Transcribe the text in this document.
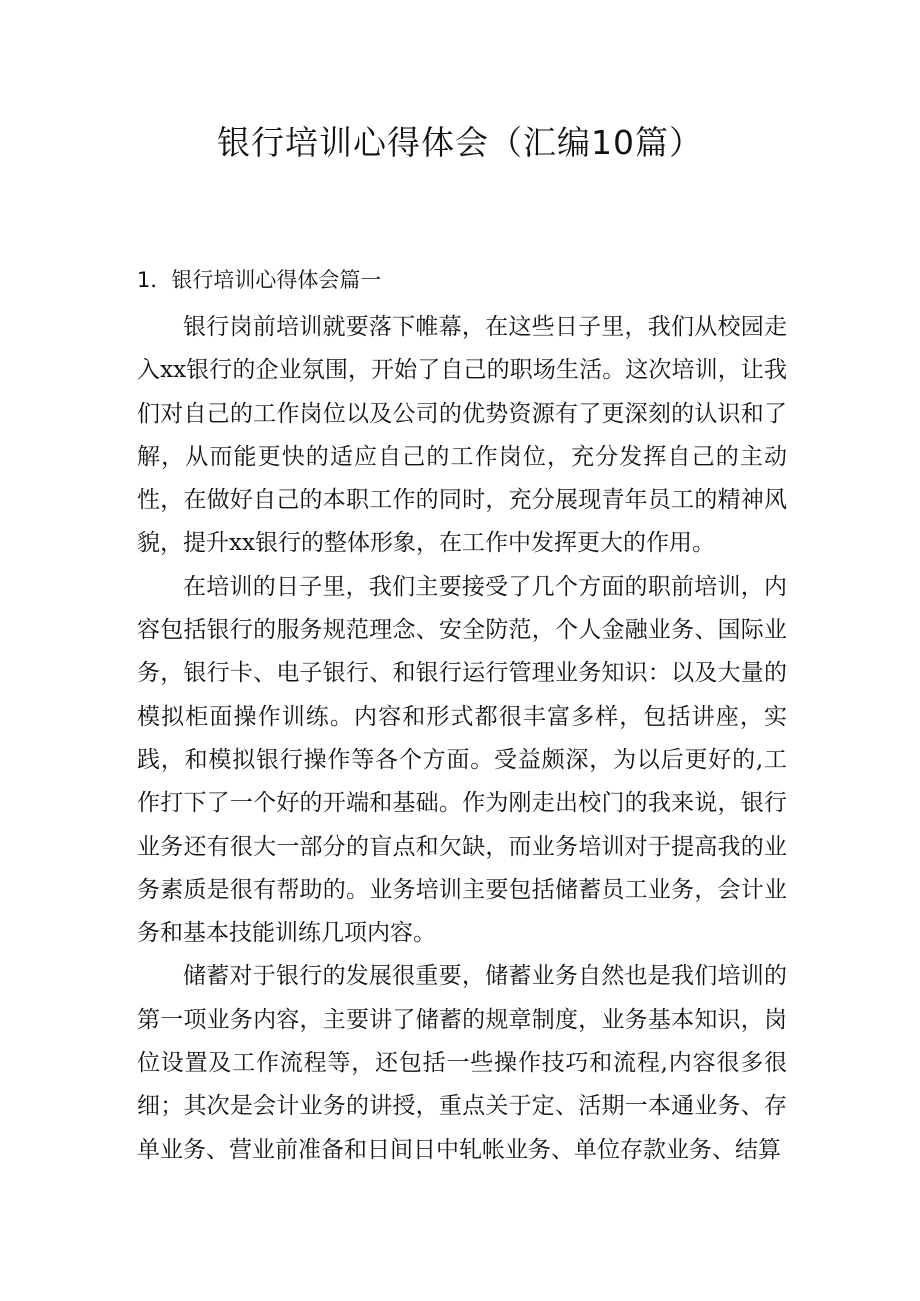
银行培训心得体会（汇编10篇）
1．银行培训心得体会篇一

银行岗前培训就要落下帷幕，在这些日子里，我们从校园走入xx银行的企业氛围，开始了自己的职场生活。这次培训，让我们对自己的工作岗位以及公司的优势资源有了更深刻的认识和了解，从而能更快的适应自己的工作岗位，充分发挥自己的主动性，在做好自己的本职工作的同时，充分展现青年员工的精神风貌，提升xx银行的整体形象，在工作中发挥更大的作用。

在培训的日子里，我们主要接受了几个方面的职前培训，内容包括银行的服务规范理念、安全防范，个人金融业务、国际业务，银行卡、电子银行、和银行运行管理业务知识：以及大量的模拟柜面操作训练。内容和形式都很丰富多样，包括讲座，实践，和模拟银行操作等各个方面。受益颇深，为以后更好的,工作打下了一个好的开端和基础。作为刚走出校门的我来说，银行业务还有很大一部分的盲点和欠缺，而业务培训对于提高我的业务素质是很有帮助的。业务培训主要包括储蓄员工业务，会计业务和基本技能训练几项内容。

储蓄对于银行的发展很重要，储蓄业务自然也是我们培训的第一项业务内容，主要讲了储蓄的规章制度，业务基本知识，岗位设置及工作流程等，还包括一些操作技巧和流程,内容很多很细；其次是会计业务的讲授，重点关于定、活期一本通业务、存单业务、营业前准备和日间日中轧帐业务、单位存款业务、结算
